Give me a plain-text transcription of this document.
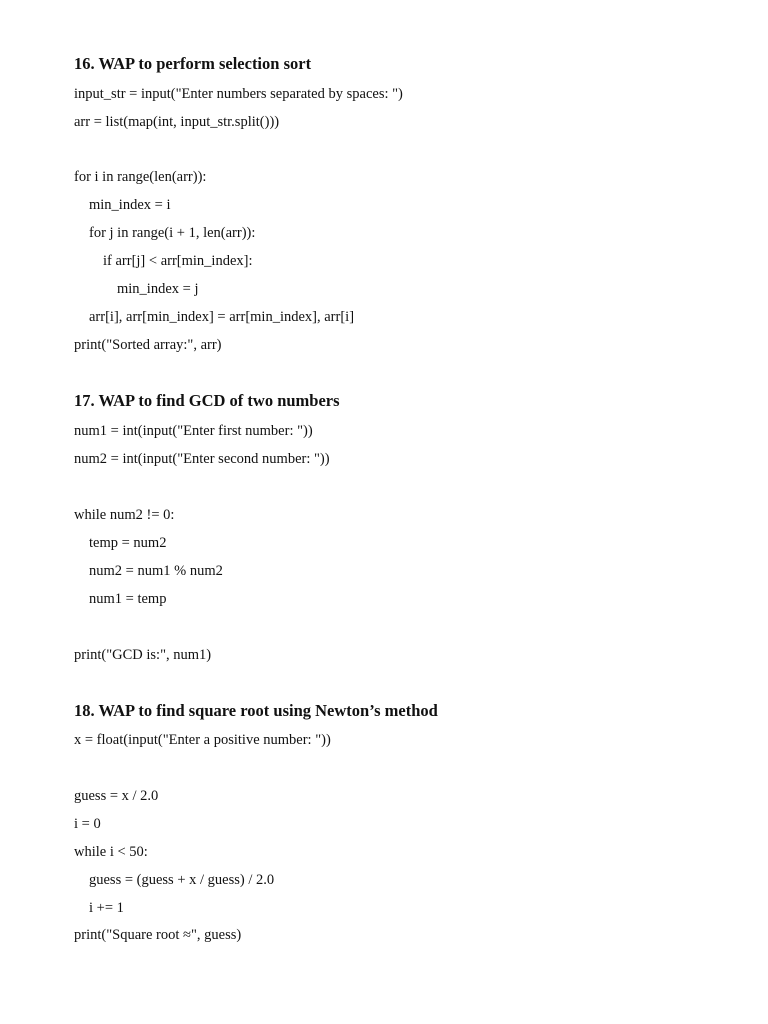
16. WAP to perform selection sort
input_str = input("Enter numbers separated by spaces: ")
arr = list(map(int, input_str.split()))
for i in range(len(arr)):
min_index = i
for j in range(i + 1, len(arr)):
if arr[j] < arr[min_index]:
min_index = j
arr[i], arr[min_index] = arr[min_index], arr[i]
print("Sorted array:", arr)
17. WAP to find GCD of two numbers
num1 = int(input("Enter first number: "))
num2 = int(input("Enter second number: "))
while num2 != 0:
temp = num2
num2 = num1 % num2
num1 = temp
print("GCD is:", num1)
18. WAP to find square root using Newton’s method
x = float(input("Enter a positive number: "))
guess = x / 2.0
i = 0
while i < 50:
guess = (guess + x / guess) / 2.0
i += 1
print("Square root ≈", guess)
